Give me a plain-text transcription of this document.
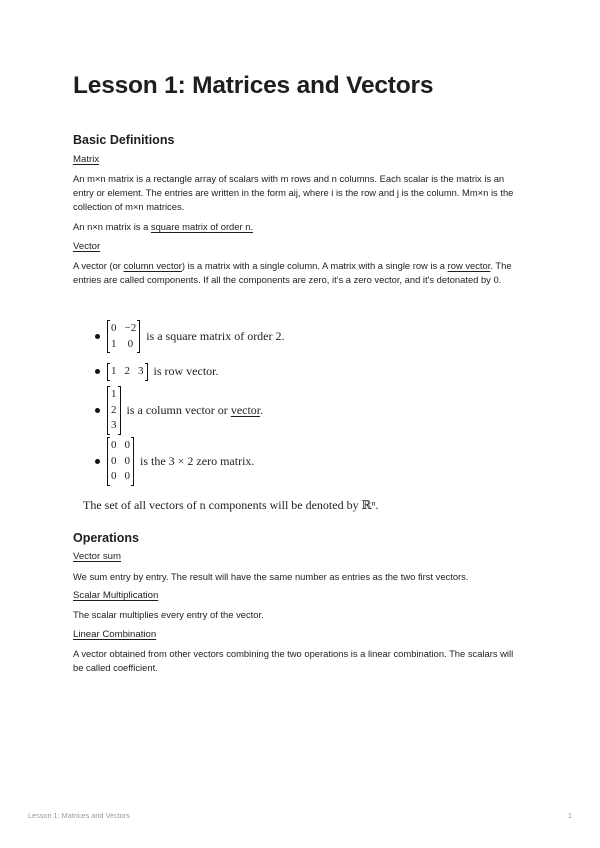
Lesson 1: Matrices and Vectors
Basic Definitions
Matrix
An m×n matrix is a rectangle array of scalars with m rows and n columns. Each scalar is the matrix is an entry or element. The entries are written in the form aij, where i is the row and j is the column. Mm×n is the collection of m×n matrices.
An n×n matrix is a square matrix of order n.
Vector
A vector (or column vector) is a matrix with a single column. A matrix with a single row is a row vector. The entries are called components. If all the components are zero, it's a zero vector, and it's detonated by 0.
0 −2
1 0
is a square matrix of order 2.
1 2 3 is row vector.
1
2
3
is a column vector or vector.
0 0
0 0
0 0
is the 3 × 2 zero matrix.
The set of all vectors of n components will be denoted by ℝⁿ.
Operations
Vector sum
We sum entry by entry. The result will have the same number as entries as the two first vectors.
Scalar Multiplication
The scalar multiplies every entry of the vector.
Linear Combination
A vector obtained from other vectors combining the two operations is a linear combination. The scalars will be called coefficient.
Lesson 1: Matrices and Vectors	1
